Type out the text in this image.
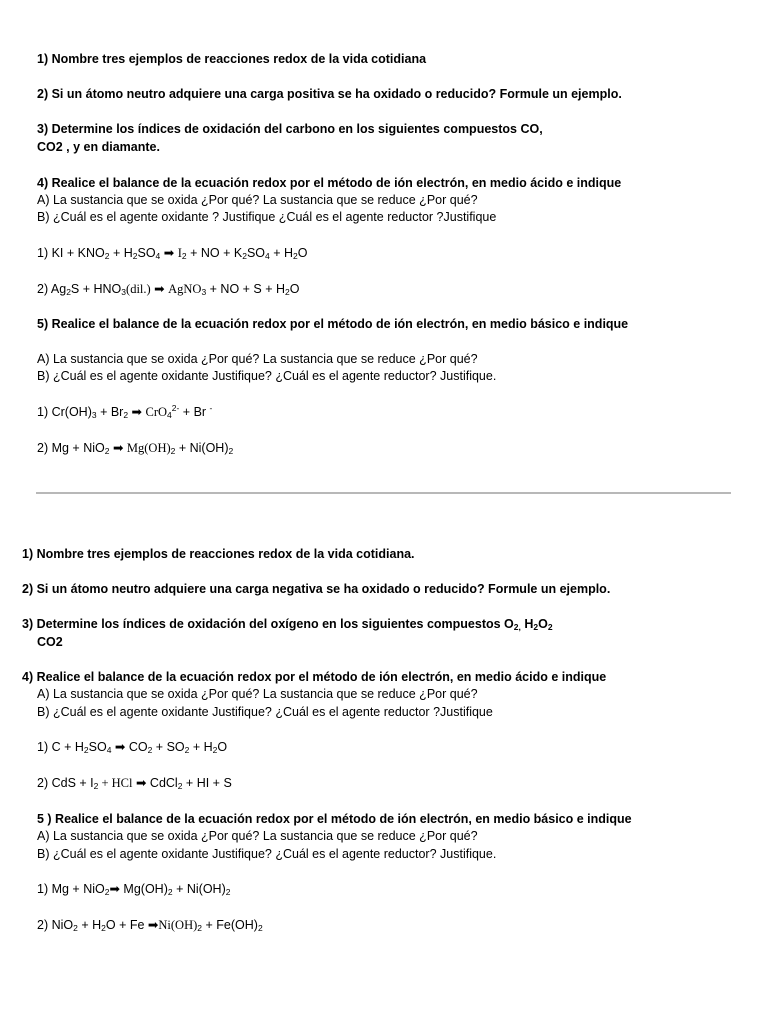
1) Nombre tres ejemplos de reacciones redox de la vida cotidiana
2) Si un átomo neutro adquiere una carga positiva se ha oxidado o reducido? Formule un ejemplo.
3) Determine los índices de oxidación del carbono en los siguientes compuestos CO,
CO2 , y en diamante.
4) Realice el balance de la ecuación redox por el método de ión electrón, en medio ácido e indique
A) La sustancia que se oxida ¿Por qué? La sustancia que se reduce ¿Por qué?
B) ¿Cuál es el agente oxidante ? Justifique ¿Cuál es el agente reductor ?Justifique
1) KI + $KNO_2 + H_2SO_4$ ➡ $I_2$ + NO + $K_2SO_4 + H_2O$
2) $Ag_2S + HNO_3(dil.)$ ➡ AgNO$_3$ + NO + $S + H_2O$
5) Realice el balance de la ecuación redox por el método de ión electrón, en medio básico e indique
A) La sustancia que se oxida ¿Por qué? La sustancia que se reduce ¿Por qué?
B) ¿Cuál es el agente oxidante Justifique? ¿Cuál es el agente reductor? Justifique.
1) $Cr(OH)_3 + Br_2$ ➡ CrO$_4^{2-}$ + Br -
2) Mg + NiO$_2$ ➡ $Mg(OH)_2 + Ni(OH)_2$
1) Nombre tres ejemplos de reacciones redox de la vida cotidiana.
2) Si un átomo neutro adquiere una carga negativa se ha oxidado o reducido? Formule un ejemplo.
3) Determine los índices de oxidación del oxígeno en los siguientes compuestos $O_{2,}$ $H_2O_2$
CO2
4) Realice el balance de la ecuación redox por el método de ión electrón, en medio ácido e indique
A) La sustancia que se oxida ¿Por qué? La sustancia que se reduce ¿Por qué?
B) ¿Cuál es el agente oxidante Justifique? ¿Cuál es el agente reductor ?Justifique
1) $C + H_2SO_4$ ➡ $CO_2 + SO_2 + H_2O$
2) CdS + $I_2$ + HCl ➡ CdCl$_2$ + HI + S
5 ) Realice el balance de la ecuación redox por el método de ión electrón, en medio básico e indique
A) La sustancia que se oxida ¿Por qué? La sustancia que se reduce ¿Por qué?
B) ¿Cuál es el agente oxidante Justifique? ¿Cuál es el agente reductor? Justifique.
1) Mg + NiO$_2$➡ $Mg(OH)_2 + Ni(OH)_2$
2) $NiO_2 + H_2O + Fe$ $➡Ni(OH)_2 + Fe(OH)_2$
